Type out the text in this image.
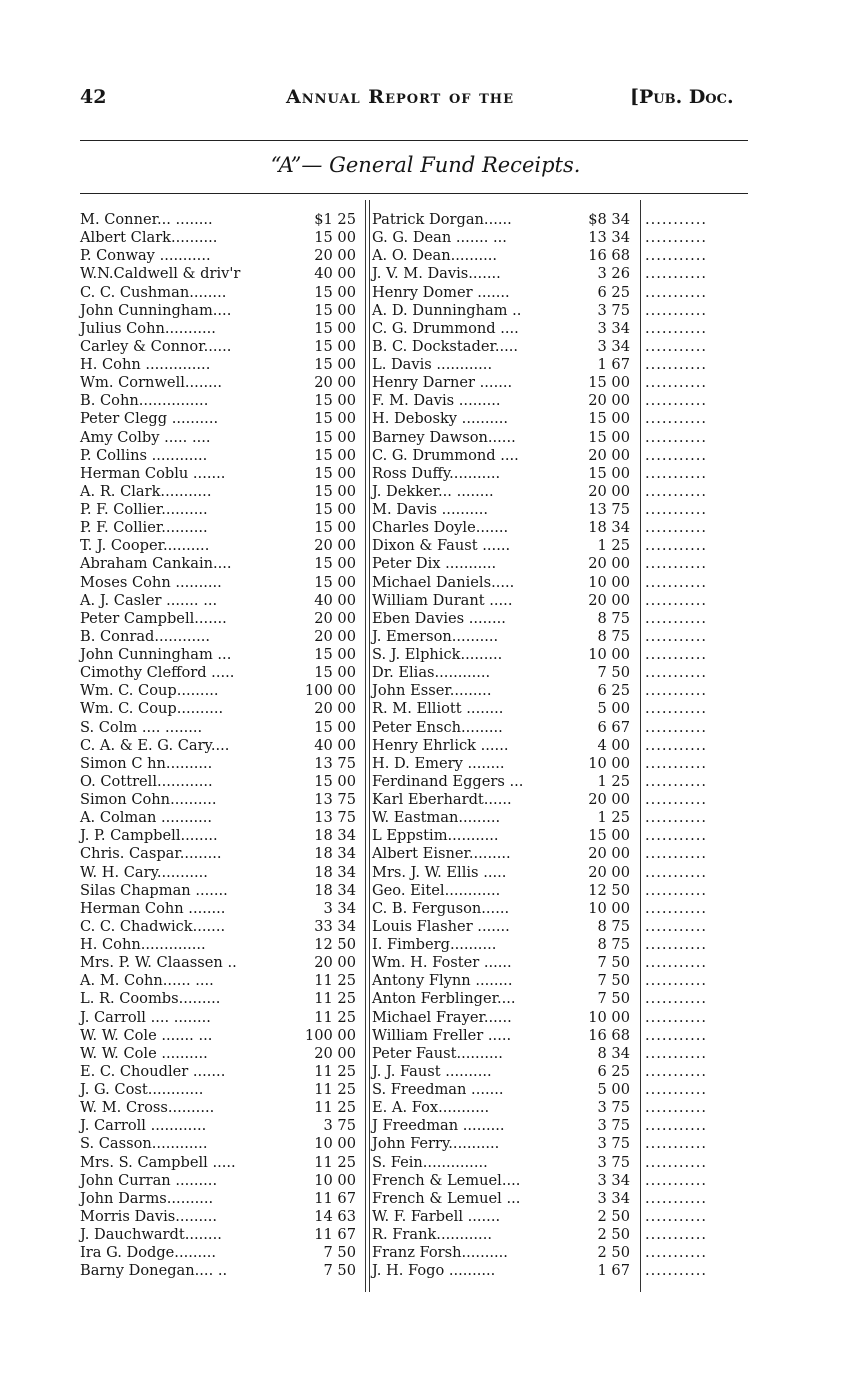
42	Annual Report of the	[Pub. Doc.
“A”— General Fund Receipts.
M. Conner... ........	$1 25
Albert Clark..........	15 00
P. Conway ...........	20 00
W.N.Caldwell & driv'r	40 00
C. C. Cushman........	15 00
John Cunningham....	15 00
Julius Cohn...........	15 00
Carley & Connor......	15 00
H. Cohn ..............	15 00
Wm. Cornwell........	20 00
B. Cohn...............	15 00
Peter Clegg ..........	15 00
Amy Colby ..... ....	15 00
P. Collins ............	15 00
Herman Coblu .......	15 00
A. R. Clark...........	15 00
P. F. Collier..........	15 00
P. F. Collier..........	15 00
T. J. Cooper..........	20 00
Abraham Cankain....	15 00
Moses Cohn ..........	15 00
A. J. Casler ....... ...	40 00
Peter Campbell.......	20 00
B. Conrad............	20 00
John Cunningham ...	15 00
Cimothy Clefford .....	15 00
Wm. C. Coup.........	100 00
Wm. C. Coup..........	20 00
S. Colm .... ........	15 00
C. A. & E. G. Cary....	40 00
Simon C hn..........	13 75
O. Cottrell............	15 00
Simon Cohn..........	13 75
A. Colman ...........	13 75
J. P. Campbell........	18 34
Chris. Caspar.........	18 34
W. H. Cary...........	18 34
Silas Chapman .......	18 34
Herman Cohn ........	3 34
C. C. Chadwick.......	33 34
H. Cohn..............	12 50
Mrs. P. W. Claassen ..	20 00
A. M. Cohn...... ....	11 25
L. R. Coombs.........	11 25
J. Carroll .... ........	11 25
W. W. Cole ....... ...	100 00
W. W. Cole ..........	20 00
E. C. Choudler .......	11 25
J. G. Cost............	11 25
W. M. Cross..........	11 25
J. Carroll ............	3 75
S. Casson............	10 00
Mrs. S. Campbell .....	11 25
John Curran .........	10 00
John Darms..........	11 67
Morris Davis.........	14 63
J. Dauchwardt........	11 67
Ira G. Dodge.........	7 50
Barny Donegan.... ..	7 50
Patrick Dorgan......	$8 34
G. G. Dean ....... ...	13 34
A. O. Dean..........	16 68
J. V. M. Davis.......	3 26
Henry Domer .......	6 25
A. D. Dunningham ..	3 75
C. G. Drummond ....	3 34
B. C. Dockstader.....	3 34
L. Davis ............	1 67
Henry Darner .......	15 00
F. M. Davis .........	20 00
H. Debosky ..........	15 00
Barney Dawson......	15 00
C. G. Drummond ....	20 00
Ross Duffy...........	15 00
J. Dekker... ........	20 00
M. Davis ..........	13 75
Charles Doyle.......	18 34
Dixon & Faust ......	1 25
Peter Dix ...........	20 00
Michael Daniels.....	10 00
William Durant .....	20 00
Eben Davies ........	8 75
J. Emerson..........	8 75
S. J. Elphick.........	10 00
Dr. Elias............	7 50
John Esser.........	6 25
R. M. Elliott ........	5 00
Peter Ensch.........	6 67
Henry Ehrlick ......	4 00
H. D. Emery ........	10 00
Ferdinand Eggers ...	1 25
Karl Eberhardt......	20 00
W. Eastman.........	1 25
L Eppstim...........	15 00
Albert Eisner.........	20 00
Mrs. J. W. Ellis .....	20 00
Geo. Eitel............	12 50
C. B. Ferguson......	10 00
Louis Flasher .......	8 75
I. Fimberg..........	8 75
Wm. H. Foster ......	7 50
Antony Flynn ........	7 50
Anton Ferblinger....	7 50
Michael Frayer......	10 00
William Freller .....	16 68
Peter Faust..........	8 34
J. J. Faust ..........	6 25
S. Freedman .......	5 00
E. A. Fox...........	3 75
J Freedman .........	3 75
John Ferry...........	3 75
S. Fein..............	3 75
French & Lemuel....	3 34
French & Lemuel ...	3 34
W. F. Farbell .......	2 50
R. Frank............	2 50
Franz Forsh..........	2 50
J. H. Fogo ..........	1 67
...........
...........
...........
...........
...........
...........
...........
...........
...........
...........
...........
...........
...........
...........
...........
...........
...........
...........
...........
...........
...........
...........
...........
...........
...........
...........
...........
...........
...........
...........
...........
...........
...........
...........
...........
...........
...........
...........
...........
...........
...........
...........
...........
...........
...........
...........
...........
...........
...........
...........
...........
...........
...........
...........
...........
...........
...........
...........
...........
